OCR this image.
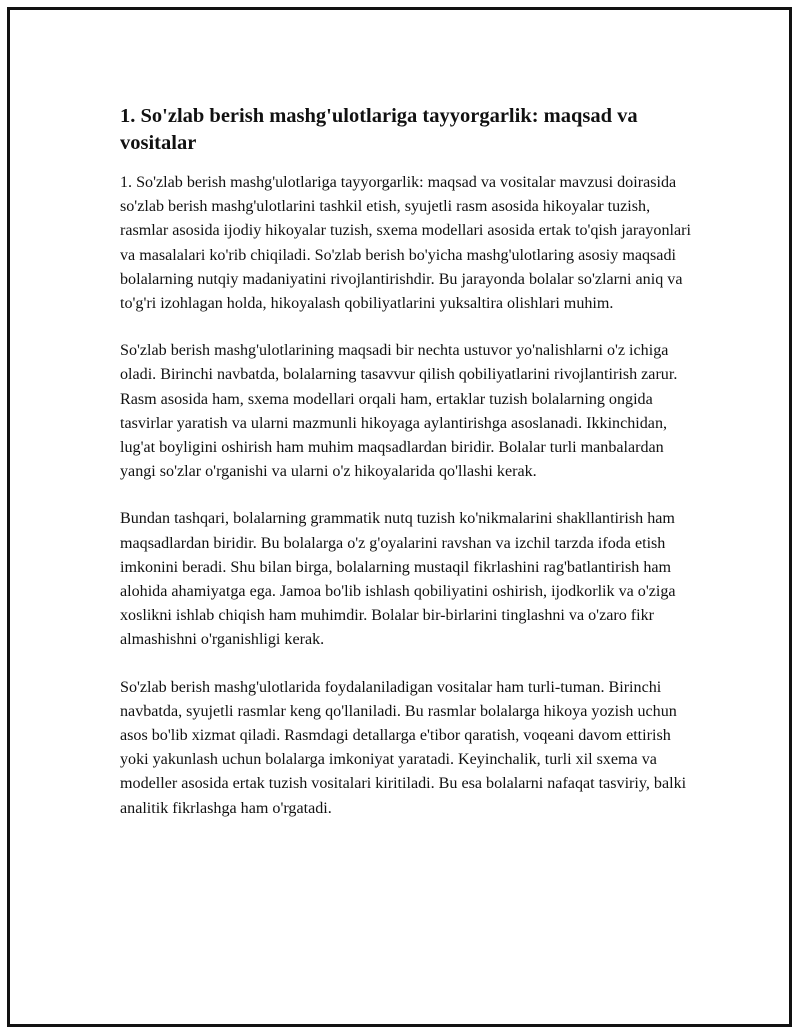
1. So'zlab berish mashg'ulotlariga tayyorgarlik: maqsad va vositalar

1. So'zlab berish mashg'ulotlariga tayyorgarlik: maqsad va vositalar mavzusi doirasida so'zlab berish mashg'ulotlarini tashkil etish, syujetli rasm asosida hikoyalar tuzish, rasmlar asosida ijodiy hikoyalar tuzish, sxema modellari asosida ertak to'qish jarayonlari va masalalari ko'rib chiqiladi. So'zlab berish bo'yicha mashg'ulotlaring asosiy maqsadi bolalarning nutqiy madaniyatini rivojlantirishdir. Bu jarayonda bolalar so'zlarni aniq va to'g'ri izohlagan holda, hikoyalash qobiliyatlarini yuksaltira olishlari muhim.

So'zlab berish mashg'ulotlarining maqsadi bir nechta ustuvor yo'nalishlarni o'z ichiga oladi. Birinchi navbatda, bolalarning tasavvur qilish qobiliyatlarini rivojlantirish zarur. Rasm asosida ham, sxema modellari orqali ham, ertaklar tuzish bolalarning ongida tasvirlar yaratish va ularni mazmunli hikoyaga aylantirishga asoslanadi. Ikkinchidan, lug'at boyligini oshirish ham muhim maqsadlardan biridir. Bolalar turli manbalardan yangi so'zlar o'rganishi va ularni o'z hikoyalarida qo'llashi kerak.

Bundan tashqari, bolalarning grammatik nutq tuzish ko'nikmalarini shakllantirish ham maqsadlardan biridir. Bu bolalarga o'z g'oyalarini ravshan va izchil tarzda ifoda etish imkonini beradi. Shu bilan birga, bolalarning mustaqil fikrlashini rag'batlantirish ham alohida ahamiyatga ega. Jamoa bo'lib ishlash qobiliyatini oshirish, ijodkorlik va o'ziga xoslikni ishlab chiqish ham muhimdir. Bolalar bir-birlarini tinglashni va o'zaro fikr almashishni o'rganishligi kerak.

So'zlab berish mashg'ulotlarida foydalaniladigan vositalar ham turli-tuman. Birinchi navbatda, syujetli rasmlar keng qo'llaniladi. Bu rasmlar bolalarga hikoya yozish uchun asos bo'lib xizmat qiladi. Rasmdagi detallarga e'tibor qaratish, voqeani davom ettirish yoki yakunlash uchun bolalarga imkoniyat yaratadi. Keyinchalik, turli xil sxema va modeller asosida ertak tuzish vositalari kiritiladi. Bu esa bolalarni nafaqat tasviriy, balki analitik fikrlashga ham o'rgatadi.
